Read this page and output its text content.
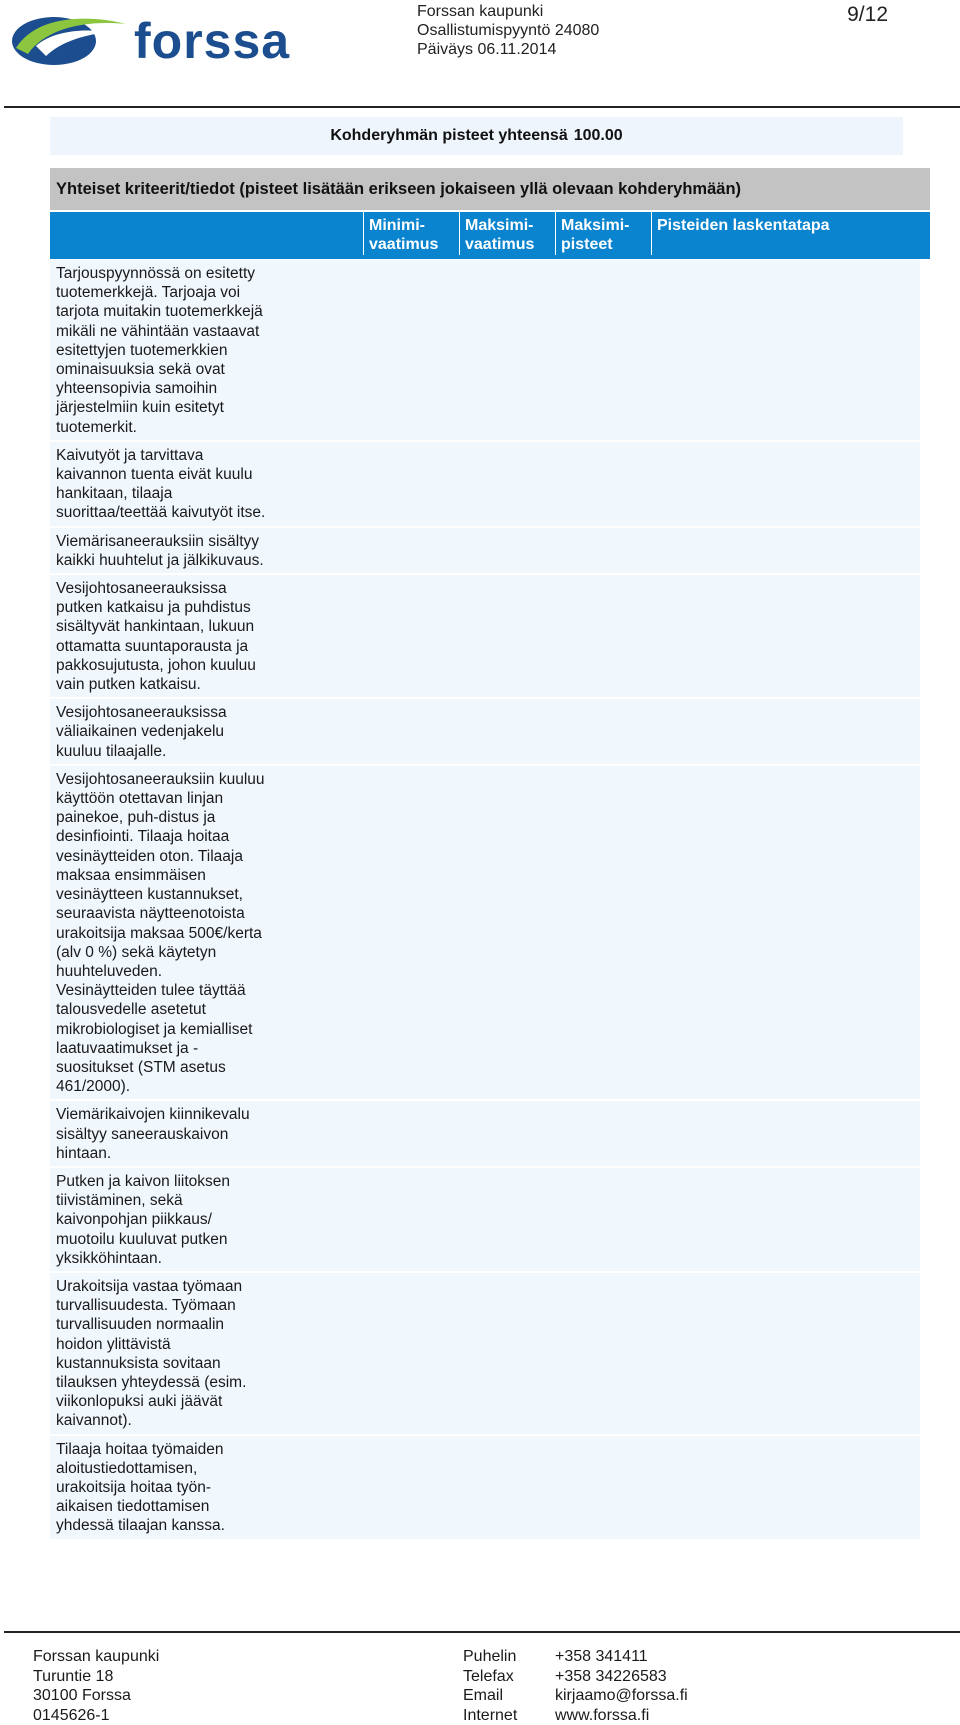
forssa
Forssan kaupunki
Osallistumispyyntö 24080
Päiväys 06.11.2014
9/12
Kohderyhmän pisteet yhteensä 100.00
Yhteiset kriteerit/tiedot (pisteet lisätään erikseen jokaiseen yllä olevaan kohderyhmään)
Minimi-
vaatimus
Maksimi-
vaatimus
Maksimi-
pisteet
Pisteiden laskentatapa
Tarjouspyynnössä on esitetty
tuotemerkkejä. Tarjoaja voi
tarjota muitakin tuotemerkkejä
mikäli ne vähintään vastaavat
esitettyjen tuotemerkkien
ominaisuuksia sekä ovat
yhteensopivia samoihin
järjestelmiin kuin esitetyt
tuotemerkit.
Kaivutyöt ja tarvittava
kaivannon tuenta eivät kuulu
hankitaan, tilaaja
suorittaa/teettää kaivutyöt itse.
Viemärisaneerauksiin sisältyy
kaikki huuhtelut ja jälkikuvaus.
Vesijohtosaneerauksissa
putken katkaisu ja puhdistus
sisältyvät hankintaan, lukuun
ottamatta suuntaporausta ja
pakkosujutusta, johon kuuluu
vain putken katkaisu.
Vesijohtosaneerauksissa
väliaikainen vedenjakelu
kuuluu tilaajalle.
Vesijohtosaneerauksiin kuuluu
käyttöön otettavan linjan
painekoe, puh-distus ja
desinfiointi. Tilaaja hoitaa
vesinäytteiden oton. Tilaaja
maksaa ensimmäisen
vesinäytteen kustannukset,
seuraavista näytteenotoista
urakoitsija maksaa 500€/kerta
(alv 0 %) sekä käytetyn
huuhteluveden.
Vesinäytteiden tulee täyttää
talousvedelle asetetut
mikrobiologiset ja kemialliset
laatuvaatimukset ja -
suositukset (STM asetus
461/2000).
Viemärikaivojen kiinnikevalu
sisältyy saneerauskaivon
hintaan.
Putken ja kaivon liitoksen
tiivistäminen, sekä
kaivonpohjan piikkaus/
muotoilu kuuluvat putken
yksikköhintaan.
Urakoitsija vastaa työmaan
turvallisuudesta. Työmaan
turvallisuuden normaalin
hoidon ylittävistä
kustannuksista sovitaan
tilauksen yhteydessä (esim.
viikonlopuksi auki jäävät
kaivannot).
Tilaaja hoitaa työmaiden
aloitustiedottamisen,
urakoitsija hoitaa työn-
aikaisen tiedottamisen
yhdessä tilaajan kanssa.
Forssan kaupunki
Turuntie 18
30100 Forssa
0145626-1
Puhelin +358 341411
Telefax	+358 34226583
Email	kirjaamo@forssa.fi
Internet www.forssa.fi
